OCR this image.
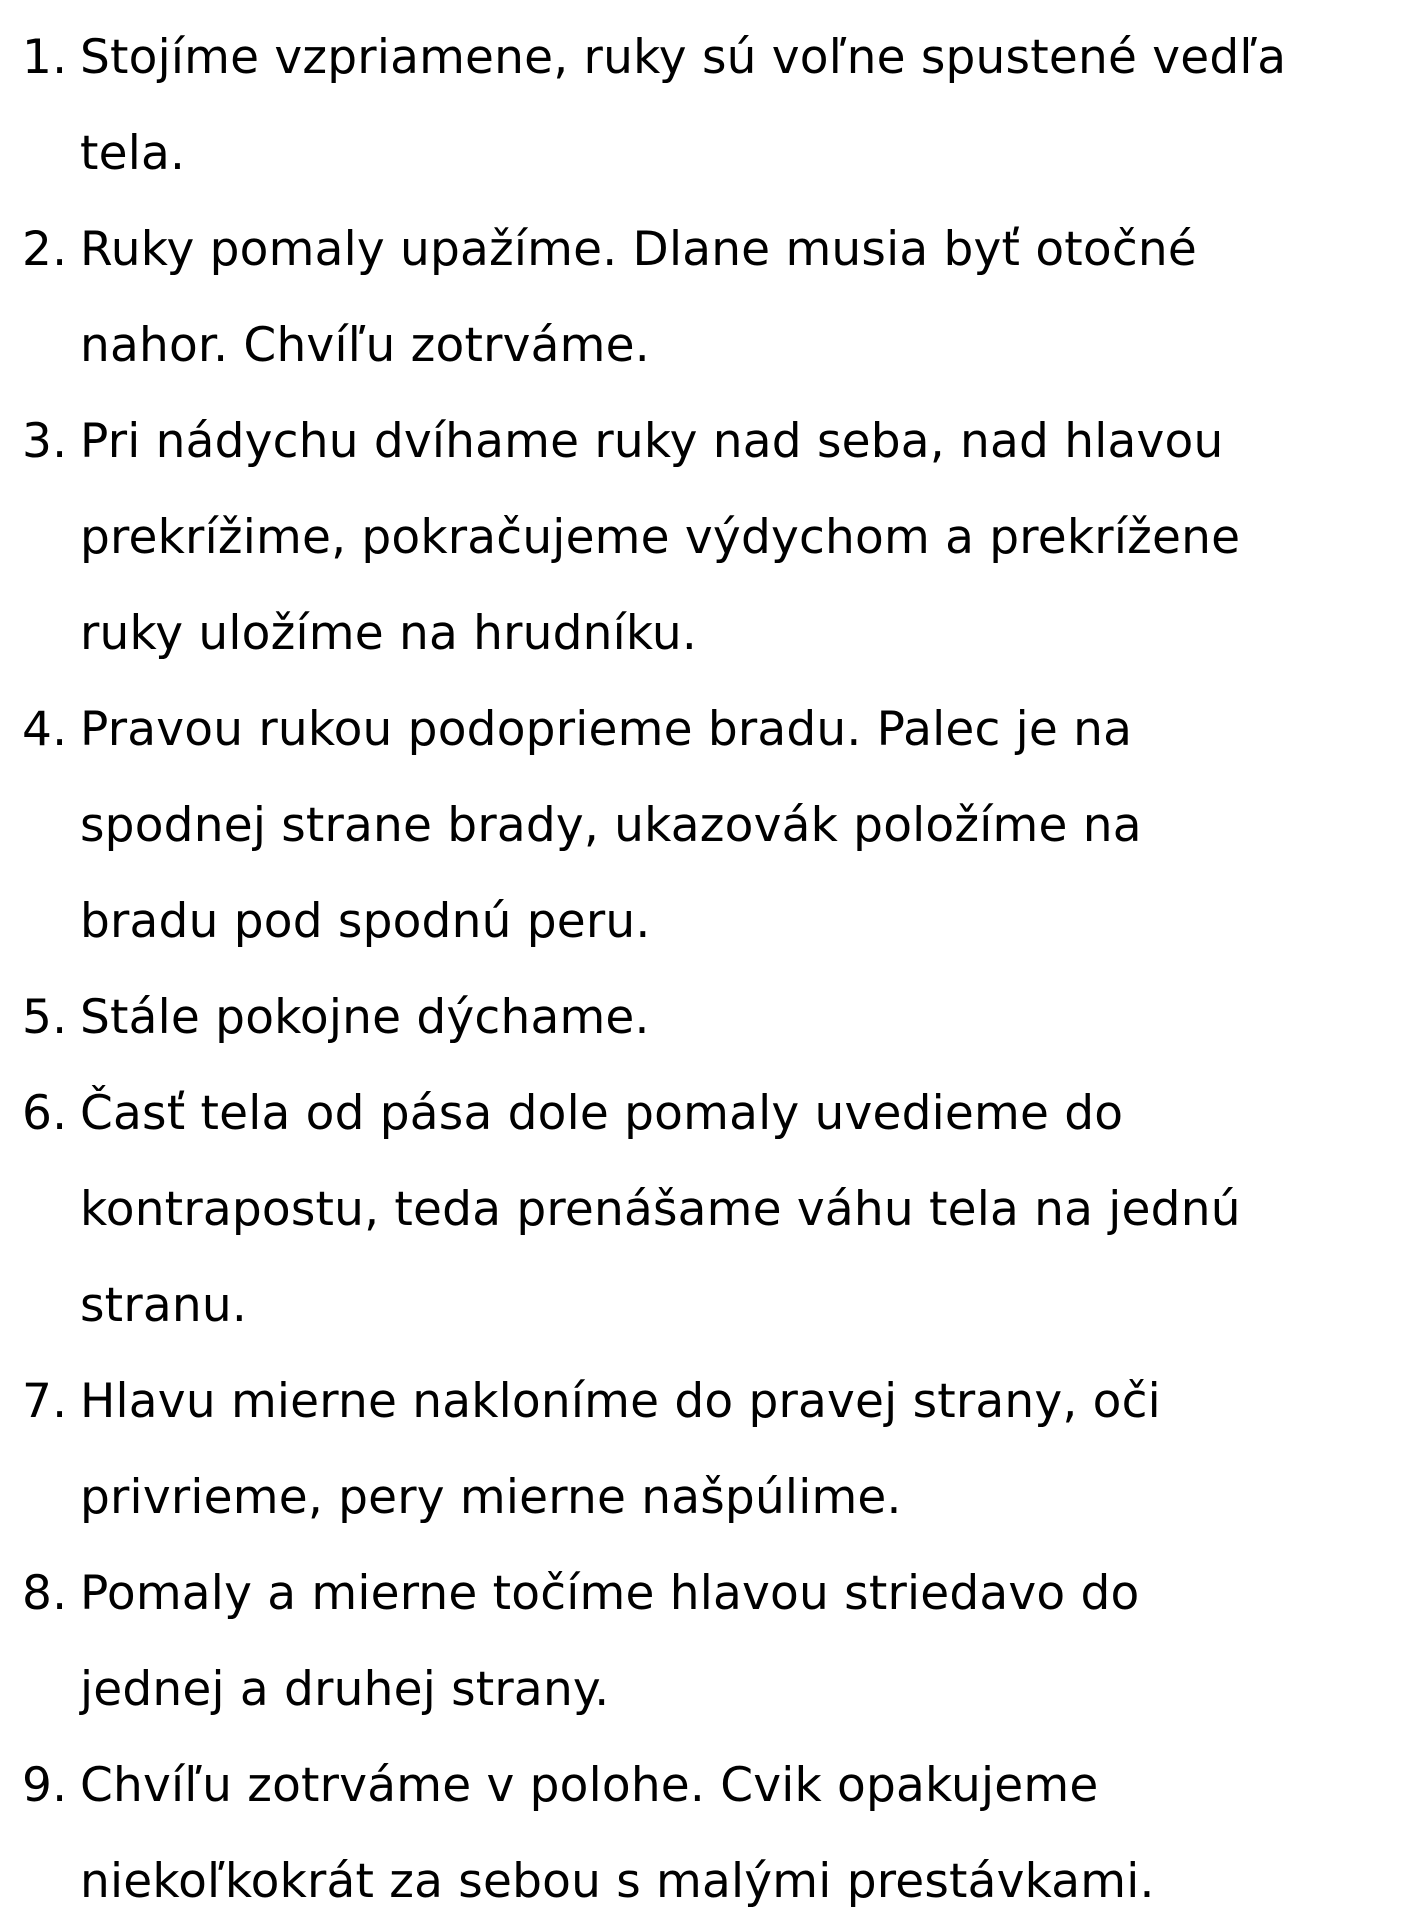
1. Stojíme vzpriamene, ruky sú voľne spustené vedľa
tela.
2. Ruky pomaly upažíme. Dlane musia byť otočné
nahor. Chvíľu zotrváme.
3. Pri nádychu dvíhame ruky nad seba, nad hlavou
prekrížime, pokračujeme výdychom a prekrížene
ruky uložíme na hrudníku.
4. Pravou rukou podoprieme bradu. Palec je na
spodnej strane brady, ukazovák položíme na
bradu pod spodnú peru.
5. Stále pokojne dýchame.
6. Časť tela od pása dole pomaly uvedieme do
kontrapostu, teda prenášame váhu tela na jednú
stranu.
7. Hlavu mierne nakloníme do pravej strany, oči
privrieme, pery mierne našpúlime.
8. Pomaly a mierne točíme hlavou striedavo do
jednej a druhej strany.
9. Chvíľu zotrváme v polohe. Cvik opakujeme
niekoľkokrát za sebou s malými prestávkami.
